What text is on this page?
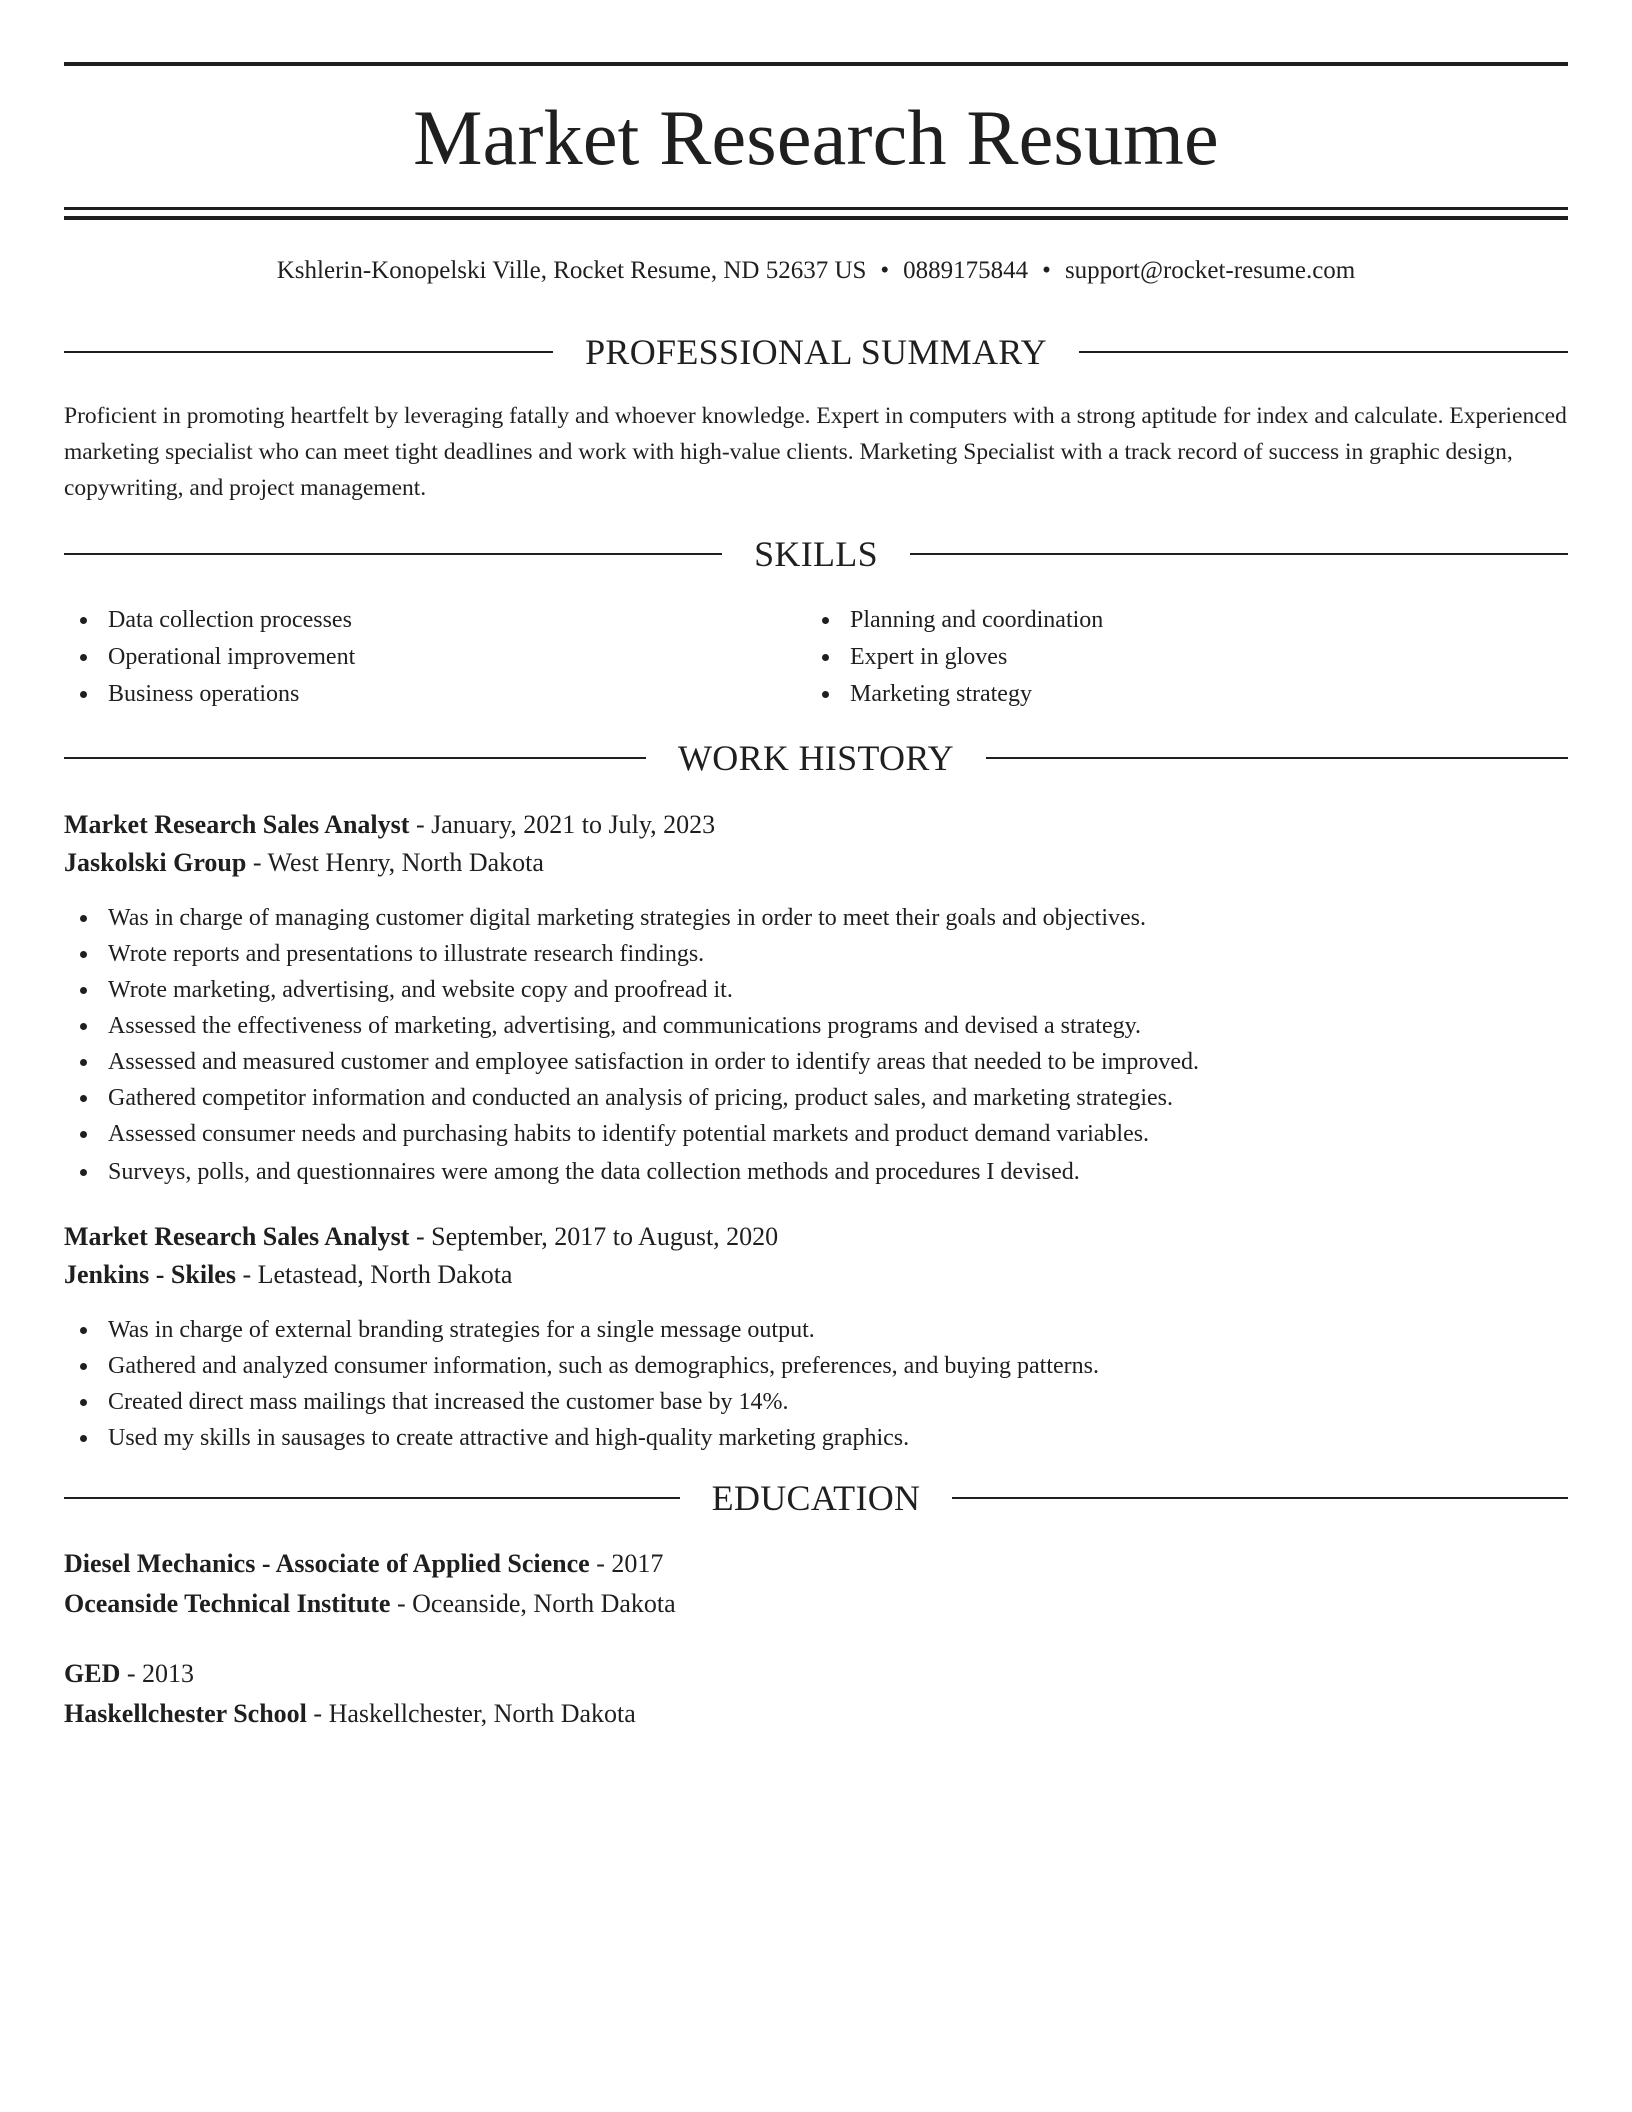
Market Research Resume
Kshlerin-Konopelski Ville, Rocket Resume, ND 52637 US • 0889175844 • support@rocket-resume.com
PROFESSIONAL SUMMARY

Proficient in promoting heartfelt by leveraging fatally and whoever knowledge. Expert in computers with a strong aptitude for index and calculate. Experienced marketing specialist who can meet tight deadlines and work with high-value clients. Marketing Specialist with a track record of success in graphic design, copywriting, and project management.

SKILLS
Data collection processes
Operational improvement
Business operations
Planning and coordination
Expert in gloves
Marketing strategy
WORK HISTORY
Market Research Sales Analyst - January, 2021 to July, 2023
Jaskolski Group - West Henry, North Dakota
Was in charge of managing customer digital marketing strategies in order to meet their goals and objectives.
Wrote reports and presentations to illustrate research findings.
Wrote marketing, advertising, and website copy and proofread it.
Assessed the effectiveness of marketing, advertising, and communications programs and devised a strategy.
Assessed and measured customer and employee satisfaction in order to identify areas that needed to be improved.
Gathered competitor information and conducted an analysis of pricing, product sales, and marketing strategies.
Assessed consumer needs and purchasing habits to identify potential markets and product demand variables.
Surveys, polls, and questionnaires were among the data collection methods and procedures I devised.
Market Research Sales Analyst - September, 2017 to August, 2020
Jenkins - Skiles - Letastead, North Dakota
Was in charge of external branding strategies for a single message output.
Gathered and analyzed consumer information, such as demographics, preferences, and buying patterns.
Created direct mass mailings that increased the customer base by 14%.
Used my skills in sausages to create attractive and high-quality marketing graphics.
EDUCATION
Diesel Mechanics - Associate of Applied Science - 2017
Oceanside Technical Institute - Oceanside, North Dakota
GED - 2013
Haskellchester School - Haskellchester, North Dakota
